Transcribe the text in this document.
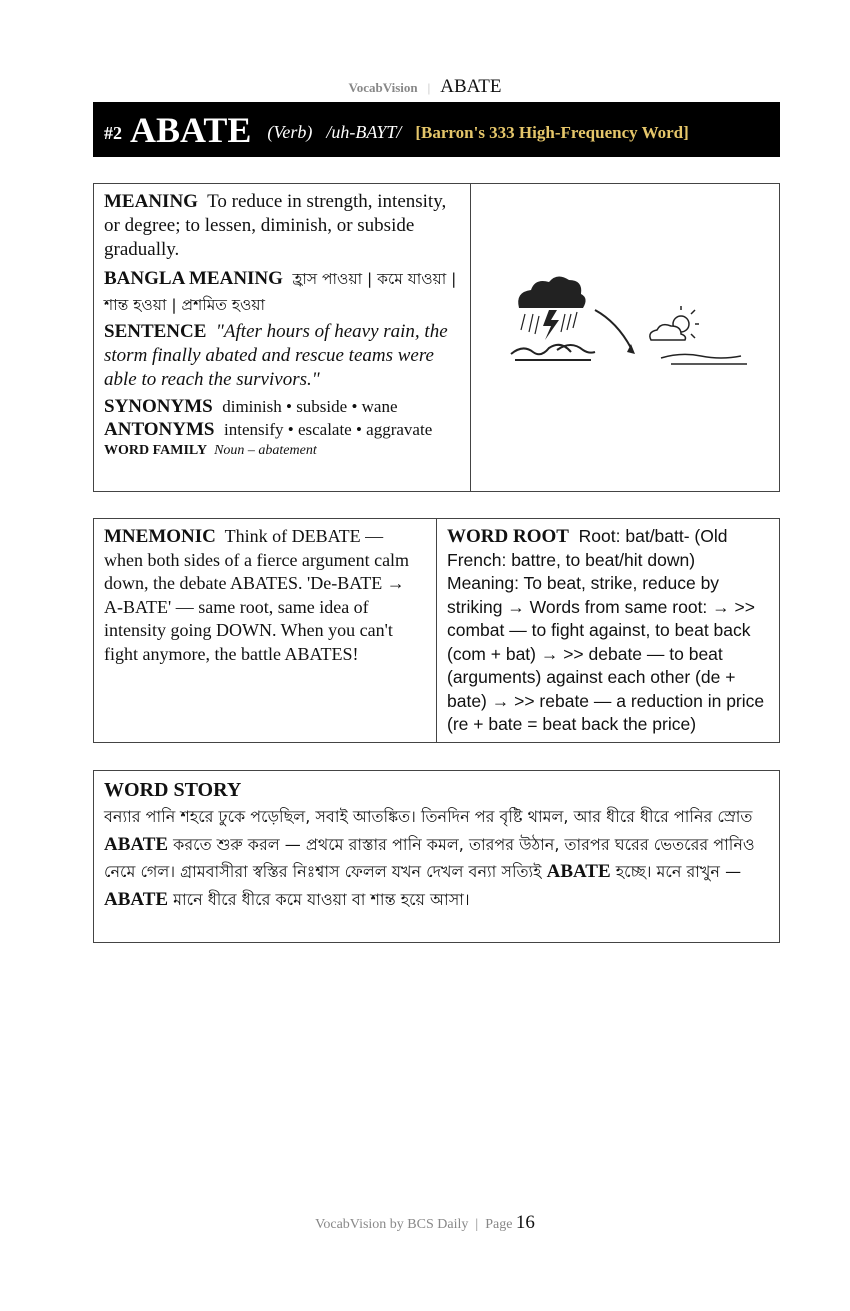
VocabVision | ABATE
#2 ABATE (Verb) /uh-BAYT/ [Barron's 333 High-Frequency Word]
MEANING To reduce in strength, intensity, or degree; to lessen, diminish, or subside gradually.
BANGLA MEANING হ্রাস পাওয়া | কমে যাওয়া | শান্ত হওয়া | প্রশমিত হওয়া
SENTENCE "After hours of heavy rain, the storm finally abated and rescue teams were able to reach the survivors."
SYNONYMS diminish • subside • wane
ANTONYMS intensify • escalate • aggravate
WORD FAMILY Noun – abatement
MNEMONIC Think of DEBATE — when both sides of a fierce argument calm down, the debate ABATES. 'De-BATE → A-BATE' — same root, same idea of intensity going DOWN. When you can't fight anymore, the battle ABATES!
WORD ROOT Root: bat/batt- (Old French: battre, to beat/hit down) Meaning: To beat, strike, reduce by striking → Words from same root: → >> combat — to fight against, to beat back (com + bat) → >> debate — to beat (arguments) against each other (de + bate) → >> rebate — a reduction in price (re + bate = beat back the price)
WORD STORY
বন্যার পানি শহরে ঢুকে পড়েছিল, সবাই আতঙ্কিত। তিনদিন পর বৃষ্টি থামল, আর ধীরে ধীরে পানির স্রোত ABATE করতে শুরু করল — প্রথমে রাস্তার পানি কমল, তারপর উঠান, তারপর ঘরের ভেতরের পানিও নেমে গেল। গ্রামবাসীরা স্বস্তির নিঃশ্বাস ফেলল যখন দেখল বন্যা সত্যিই ABATE হচ্ছে। মনে রাখুন — ABATE মানে ধীরে ধীরে কমে যাওয়া বা শান্ত হয়ে আসা।
VocabVision by BCS Daily | Page 16
